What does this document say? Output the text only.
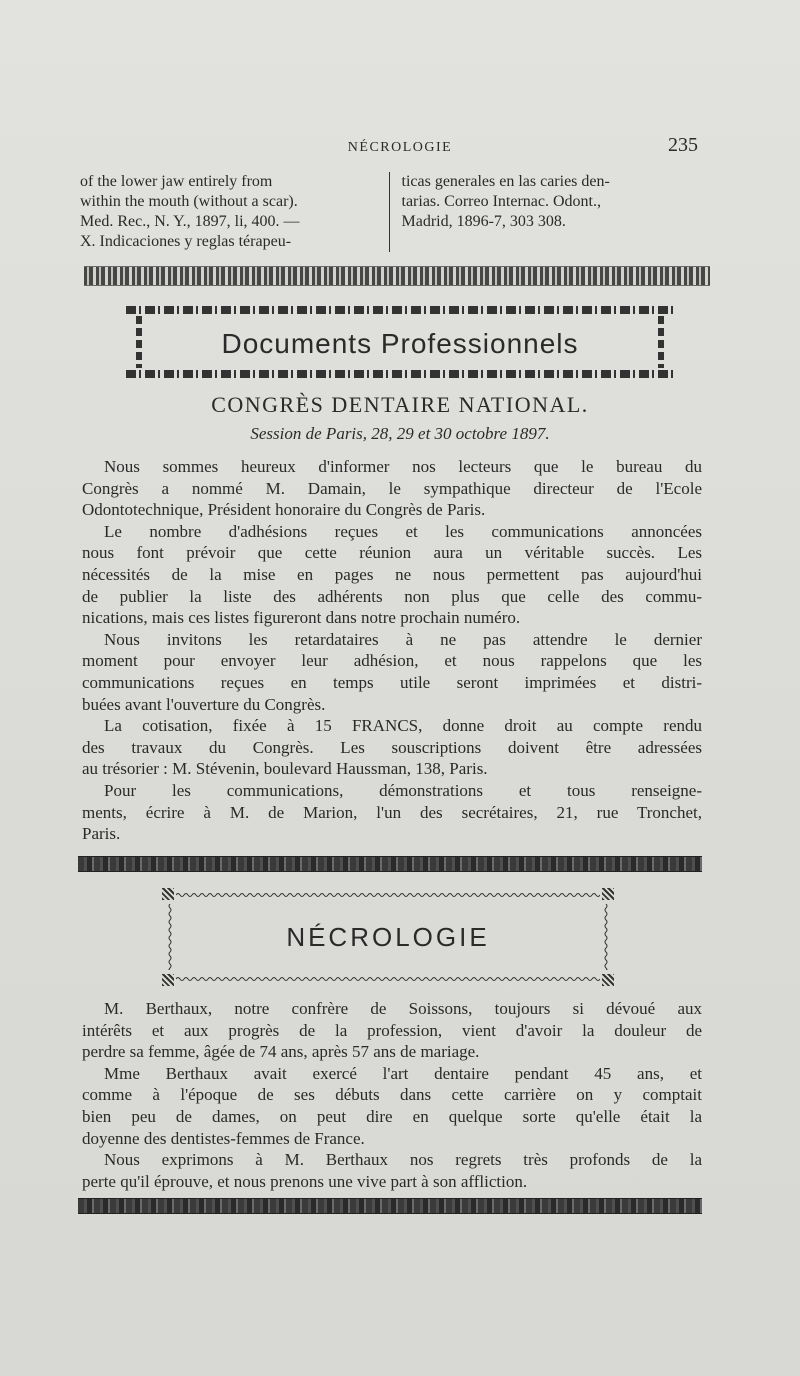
NÉCROLOGIE	235
of the lower jaw entirely from
within the mouth (without a scar).
Med. Rec., N. Y., 1897, li, 400. —
X. Indicaciones y reglas térapeu-
ticas generales en las caries den-
tarias. Correo Internac. Odont.,
Madrid, 1896-7, 303 308.
Documents Professionnels
CONGRÈS DENTAIRE NATIONAL.
Session de Paris, 28, 29 et 30 octobre 1897.
Nous sommes heureux d'informer nos lecteurs que le bureau du
Congrès a nommé M. Damain, le sympathique directeur de l'Ecole
Odontotechnique, Président honoraire du Congrès de Paris.
Le nombre d'adhésions reçues et les communications annoncées
nous font prévoir que cette réunion aura un véritable succès. Les
nécessités de la mise en pages ne nous permettent pas aujourd'hui
de publier la liste des adhérents non plus que celle des commu-
nications, mais ces listes figureront dans notre prochain numéro.
Nous invitons les retardataires à ne pas attendre le dernier
moment pour envoyer leur adhésion, et nous rappelons que les
communications reçues en temps utile seront imprimées et distri-
buées avant l'ouverture du Congrès.
La cotisation, fixée à 15 FRANCS, donne droit au compte rendu
des travaux du Congrès. Les souscriptions doivent être adressées
au trésorier : M. Stévenin, boulevard Haussman, 138, Paris.
Pour les communications, démonstrations et tous renseigne-
ments, écrire à M. de Marion, l'un des secrétaires, 21, rue Tronchet,
Paris.
NÉCROLOGIE
M. Berthaux, notre confrère de Soissons, toujours si dévoué aux
intérêts et aux progrès de la profession, vient d'avoir la douleur de
perdre sa femme, âgée de 74 ans, après 57 ans de mariage.
Mme Berthaux avait exercé l'art dentaire pendant 45 ans, et
comme à l'époque de ses débuts dans cette carrière on y comptait
bien peu de dames, on peut dire en quelque sorte qu'elle était la
doyenne des dentistes-femmes de France.
Nous exprimons à M. Berthaux nos regrets très profonds de la
perte qu'il éprouve, et nous prenons une vive part à son affliction.
